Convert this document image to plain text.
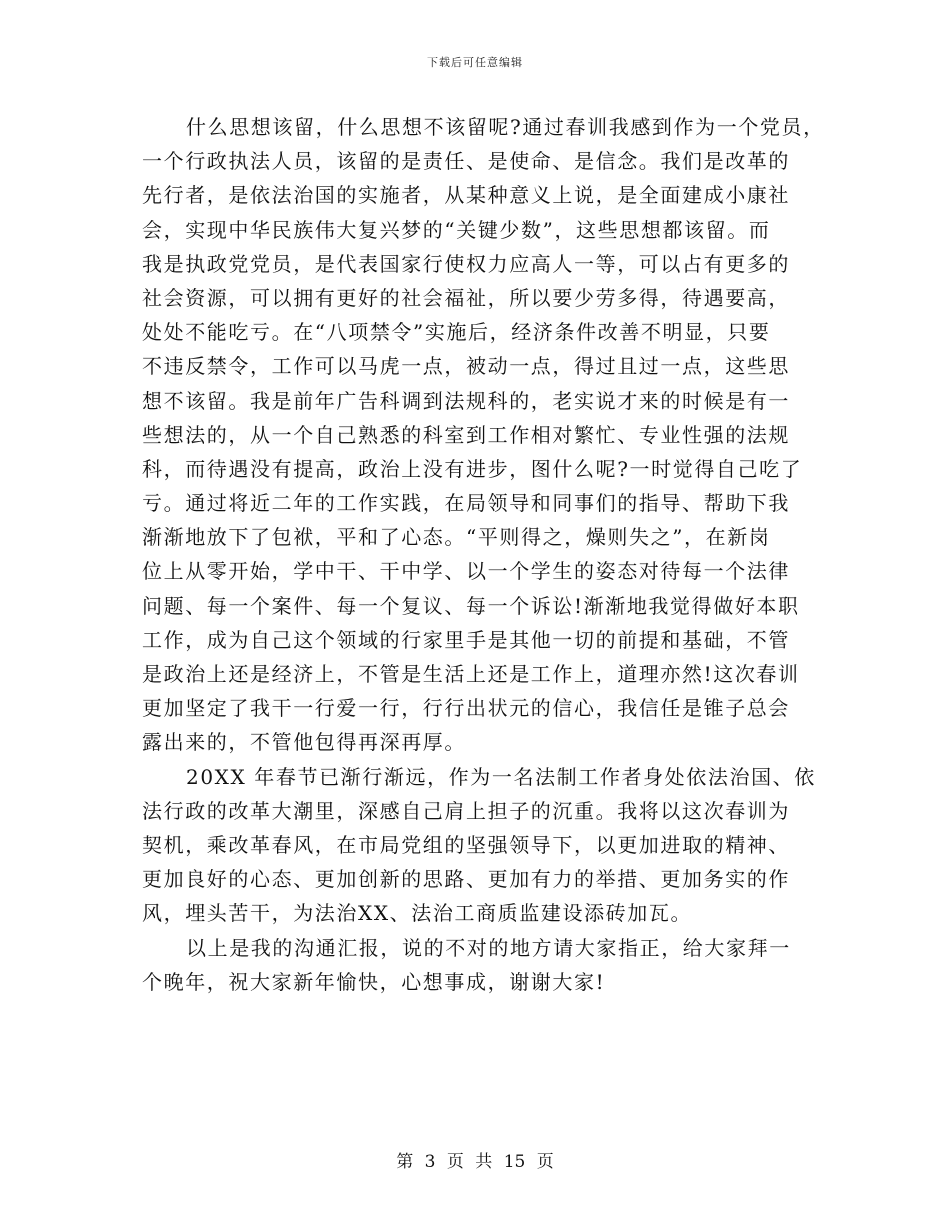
下载后可任意编辑
什么思想该留，什么思想不该留呢?通过春训我感到作为一个党员，
一个行政执法人员，该留的是责任、是使命、是信念。我们是改革的
先行者，是依法治国的实施者，从某种意义上说，是全面建成小康社
会，实现中华民族伟大复兴梦的“关键少数”，这些思想都该留。而
我是执政党党员，是代表国家行使权力应高人一等，可以占有更多的
社会资源，可以拥有更好的社会福祉，所以要少劳多得，待遇要高，
处处不能吃亏。在“八项禁令”实施后，经济条件改善不明显，只要
不违反禁令，工作可以马虎一点，被动一点，得过且过一点，这些思
想不该留。我是前年广告科调到法规科的，老实说才来的时候是有一
些想法的，从一个自己熟悉的科室到工作相对繁忙、专业性强的法规
科，而待遇没有提高，政治上没有进步，图什么呢?一时觉得自己吃了
亏。通过将近二年的工作实践，在局领导和同事们的指导、帮助下我
渐渐地放下了包袱，平和了心态。“平则得之，燥则失之”，在新岗
位上从零开始，学中干、干中学、以一个学生的姿态对待每一个法律
问题、每一个案件、每一个复议、每一个诉讼!渐渐地我觉得做好本职
工作，成为自己这个领域的行家里手是其他一切的前提和基础，不管
是政治上还是经济上，不管是生活上还是工作上，道理亦然!这次春训
更加坚定了我干一行爱一行，行行出状元的信心，我信任是锥子总会
露出来的，不管他包得再深再厚。
20XX 年春节已渐行渐远，作为一名法制工作者身处依法治国、依
法行政的改革大潮里，深感自己肩上担子的沉重。我将以这次春训为
契机，乘改革春风，在市局党组的坚强领导下，以更加进取的精神、
更加良好的心态、更加创新的思路、更加有力的举措、更加务实的作
风，埋头苦干，为法治XX、法治工商质监建设添砖加瓦。
以上是我的沟通汇报，说的不对的地方请大家指正，给大家拜一
个晚年，祝大家新年愉快，心想事成，谢谢大家!
第 3 页 共 15 页
